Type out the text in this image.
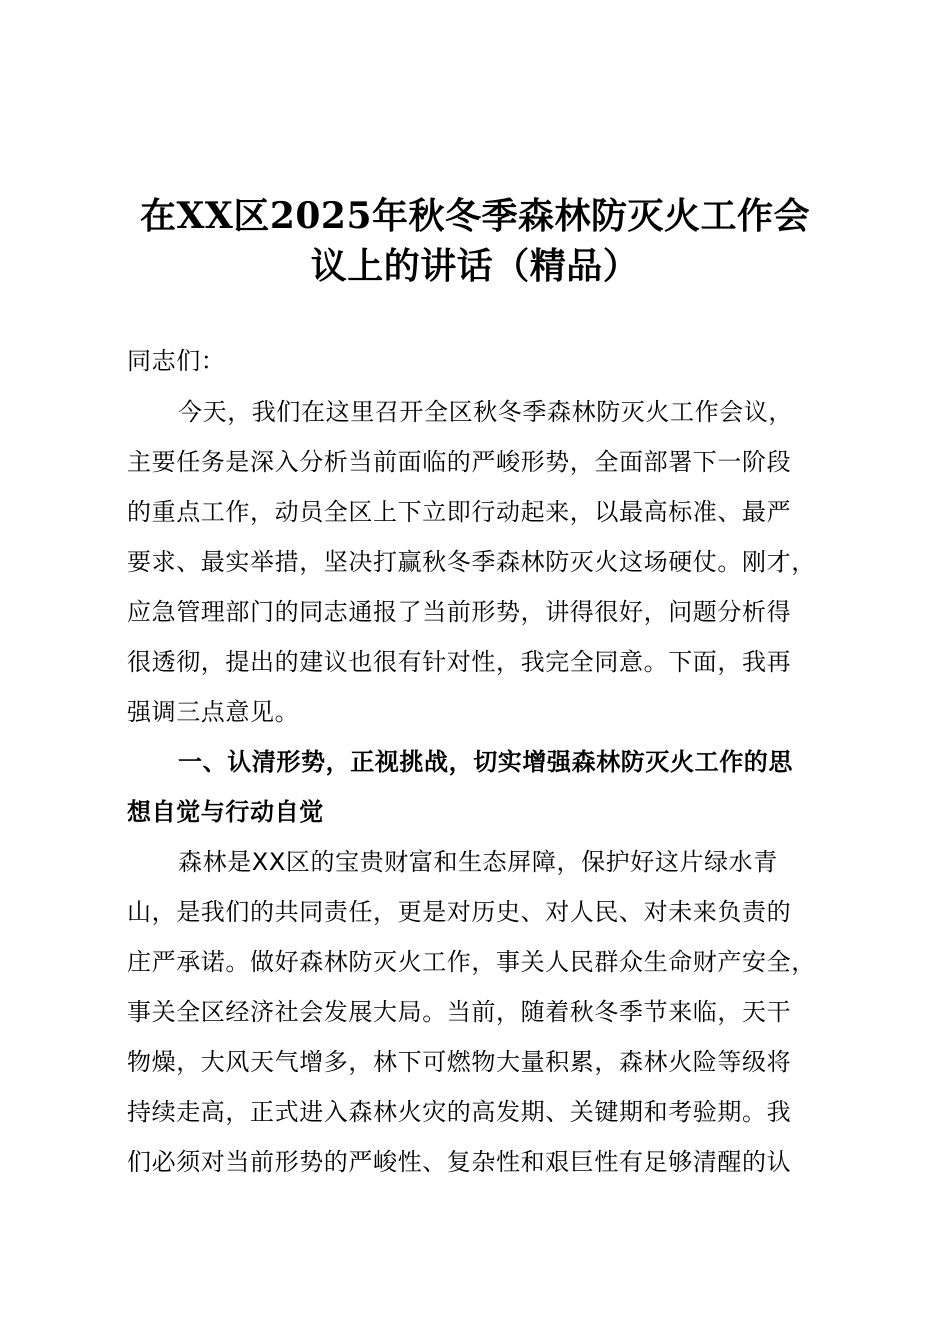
在XX区2025年秋冬季森林防灭火工作会
议上的讲话（精品）
同志们：
今天，我们在这里召开全区秋冬季森林防灭火工作会议，
主要任务是深入分析当前面临的严峻形势，全面部署下一阶段
的重点工作，动员全区上下立即行动起来，以最高标准、最严
要求、最实举措，坚决打赢秋冬季森林防灭火这场硬仗。刚才，
应急管理部门的同志通报了当前形势，讲得很好，问题分析得
很透彻，提出的建议也很有针对性，我完全同意。下面，我再
强调三点意见。
一、认清形势，正视挑战，切实增强森林防灭火工作的思
想自觉与行动自觉
森林是XX区的宝贵财富和生态屏障，保护好这片绿水青
山，是我们的共同责任，更是对历史、对人民、对未来负责的
庄严承诺。做好森林防灭火工作，事关人民群众生命财产安全，
事关全区经济社会发展大局。当前，随着秋冬季节来临，天干
物燥，大风天气增多，林下可燃物大量积累，森林火险等级将
持续走高，正式进入森林火灾的高发期、关键期和考验期。我
们必须对当前形势的严峻性、复杂性和艰巨性有足够清醒的认
